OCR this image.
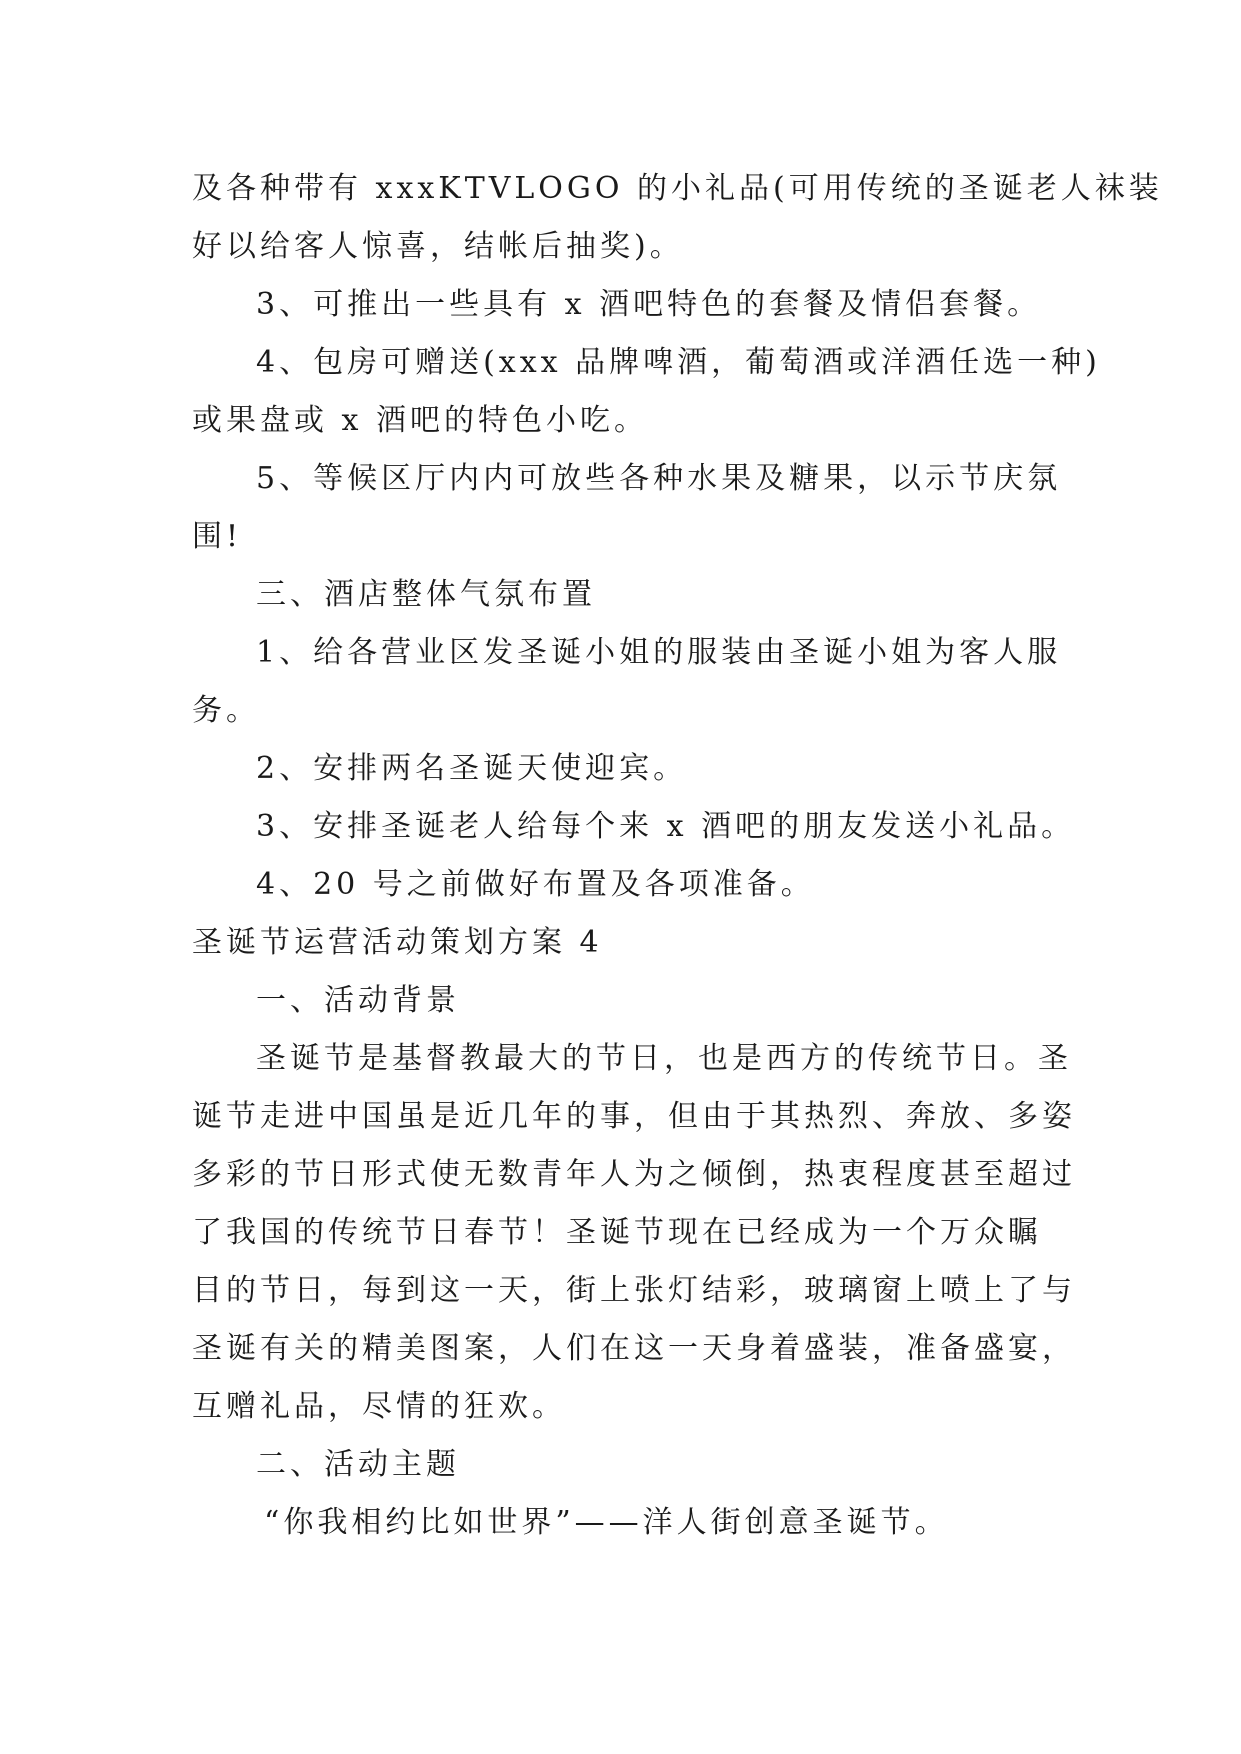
及各种带有 xxxKTVLOGO 的小礼品(可用传统的圣诞老人袜装

好以给客人惊喜，结帐后抽奖)。

3、可推出一些具有 x 酒吧特色的套餐及情侣套餐。

4、包房可赠送(xxx 品牌啤酒，葡萄酒或洋酒任选一种)

或果盘或 x 酒吧的特色小吃。

5、等候区厅内内可放些各种水果及糖果，以示节庆氛

围!

三、酒店整体气氛布置

1、给各营业区发圣诞小姐的服装由圣诞小姐为客人服

务。

2、安排两名圣诞天使迎宾。

3、安排圣诞老人给每个来 x 酒吧的朋友发送小礼品。

4、20 号之前做好布置及各项准备。

圣诞节运营活动策划方案 4

一、活动背景

圣诞节是基督教最大的节日，也是西方的传统节日。圣

诞节走进中国虽是近几年的事，但由于其热烈、奔放、多姿

多彩的节日形式使无数青年人为之倾倒，热衷程度甚至超过

了我国的传统节日春节！圣诞节现在已经成为一个万众瞩

目的节日，每到这一天，街上张灯结彩，玻璃窗上喷上了与

圣诞有关的精美图案，人们在这一天身着盛装，准备盛宴，

互赠礼品，尽情的狂欢。

二、活动主题

“你我相约比如世界”——洋人街创意圣诞节。
